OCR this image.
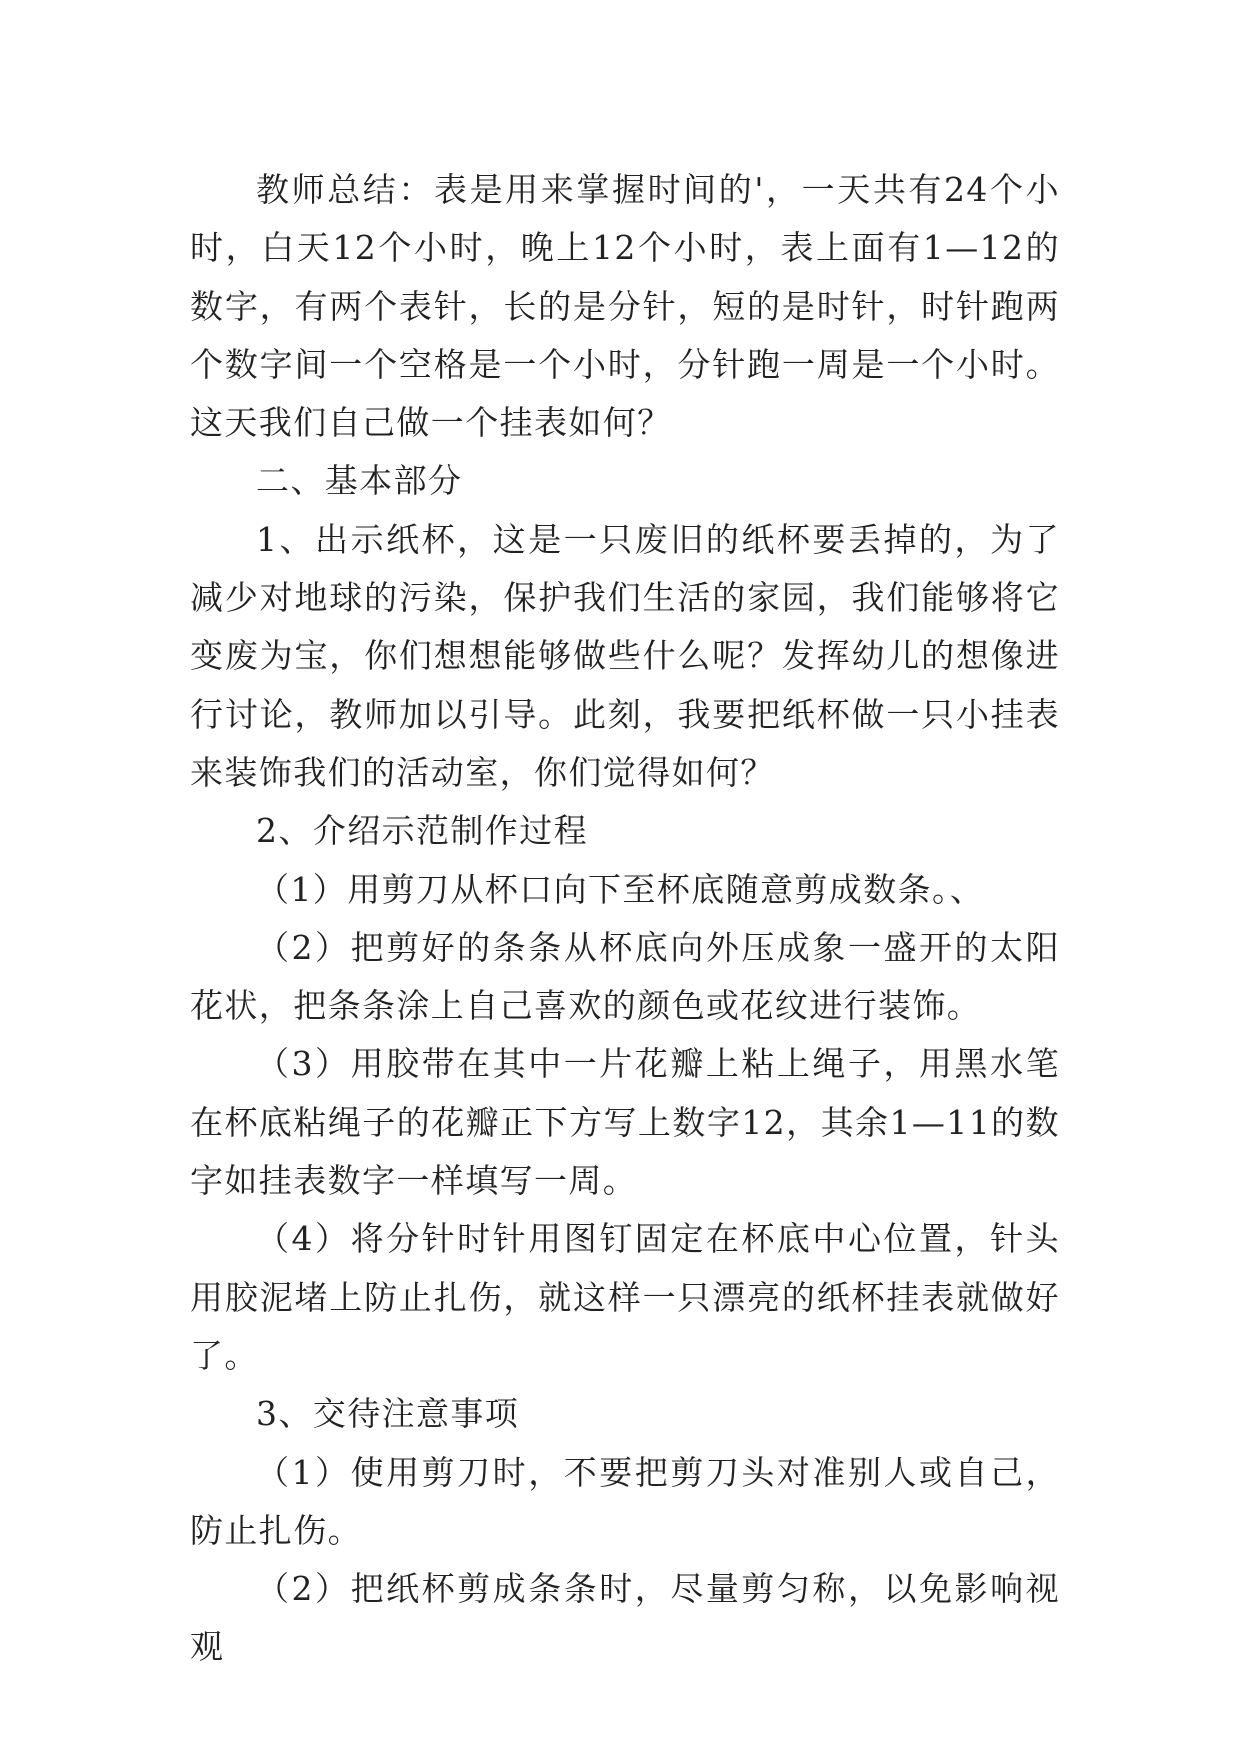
教师总结：表是用来掌握时间的'，一天共有24个小时，白天12个小时，晚上12个小时，表上面有1—12的数字，有两个表针，长的是分针，短的是时针，时针跑两个数字间一个空格是一个小时，分针跑一周是一个小时。这天我们自己做一个挂表如何？

二、基本部分

1、出示纸杯，这是一只废旧的纸杯要丢掉的，为了减少对地球的污染，保护我们生活的家园，我们能够将它变废为宝，你们想想能够做些什么呢？发挥幼儿的想像进行讨论，教师加以引导。此刻，我要把纸杯做一只小挂表来装饰我们的活动室，你们觉得如何？

2、介绍示范制作过程

（1）用剪刀从杯口向下至杯底随意剪成数条。、

（2）把剪好的条条从杯底向外压成象一盛开的太阳花状，把条条涂上自己喜欢的颜色或花纹进行装饰。

（3）用胶带在其中一片花瓣上粘上绳子，用黑水笔在杯底粘绳子的花瓣正下方写上数字12，其余1—11的数字如挂表数字一样填写一周。

（4）将分针时针用图钉固定在杯底中心位置，针头用胶泥堵上防止扎伤，就这样一只漂亮的纸杯挂表就做好了。

3、交待注意事项

（1）使用剪刀时，不要把剪刀头对准别人或自己，防止扎伤。

（2）把纸杯剪成条条时，尽量剪匀称，以免影响视观
